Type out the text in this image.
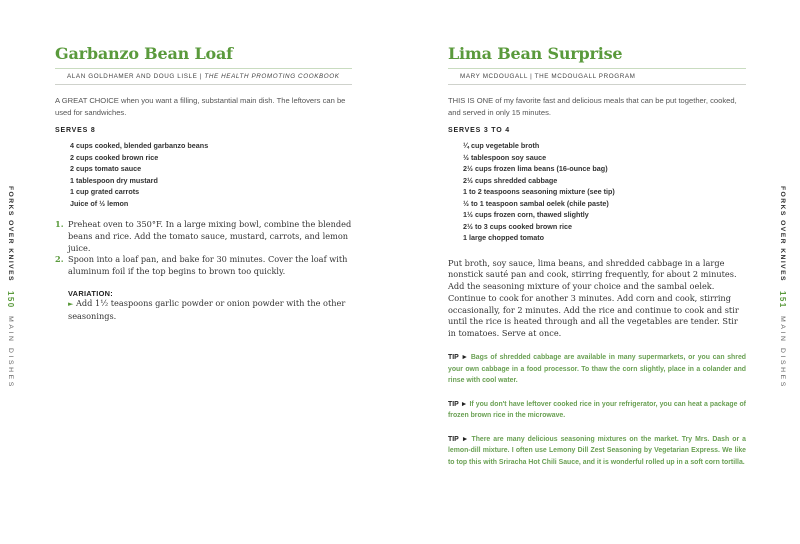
FORKS OVER KNIVES 150 MAIN DISHES
Garbanzo Bean Loaf
ALAN GOLDHAMER AND DOUG LISLE | THE HEALTH PROMOTING COOKBOOK

A GREAT CHOICE when you want a filling, substantial main dish. The leftovers can be used for sandwiches.

SERVES 8
4 cups cooked, blended garbanzo beans
2 cups cooked brown rice
2 cups tomato sauce
1 tablespoon dry mustard
1 cup grated carrots
Juice of ½ lemon
1. Preheat oven to 350°F. In a large mixing bowl, combine the blended beans and rice. Add the tomato sauce, mustard, carrots, and lemon juice.
2. Spoon into a loaf pan, and bake for 30 minutes. Cover the loaf with aluminum foil if the top begins to brown too quickly.
VARIATION:
► Add 1½ teaspoons garlic powder or onion powder with the other seasonings.
Lima Bean Surprise
MARY MCDOUGALL | THE MCDOUGALL PROGRAM

THIS IS ONE of my favorite fast and delicious meals that can be put together, cooked, and served in only 15 minutes.

SERVES 3 TO 4
¼ cup vegetable broth
½ tablespoon soy sauce
2½ cups frozen lima beans (16-ounce bag)
2½ cups shredded cabbage
1 to 2 teaspoons seasoning mixture (see tip)
½ to 1 teaspoon sambal oelek (chile paste)
1½ cups frozen corn, thawed slightly
2½ to 3 cups cooked brown rice
1 large chopped tomato

Put broth, soy sauce, lima beans, and shredded cabbage in a large nonstick sauté pan and cook, stirring frequently, for about 2 minutes. Add the seasoning mixture of your choice and the sambal oelek. Continue to cook for another 3 minutes. Add corn and cook, stirring occasionally, for 2 minutes. Add the rice and continue to cook and stir until the rice is heated through and all the vegetables are tender. Stir in tomatoes. Serve at once.

TIP ► Bags of shredded cabbage are available in many supermarkets, or you can shred your own cabbage in a food processor. To thaw the corn slightly, place in a colander and rinse with cool water.

TIP ► If you don't have leftover cooked rice in your refrigerator, you can heat a package of frozen brown rice in the microwave.

TIP ► There are many delicious seasoning mixtures on the market. Try Mrs. Dash or a lemon-dill mixture. I often use Lemony Dill Zest Seasoning by Vegetarian Express. We like to top this with Sriracha Hot Chili Sauce, and it is wonderful rolled up in a soft corn tortilla.

FORKS OVER KNIVES 151 MAIN DISHES
